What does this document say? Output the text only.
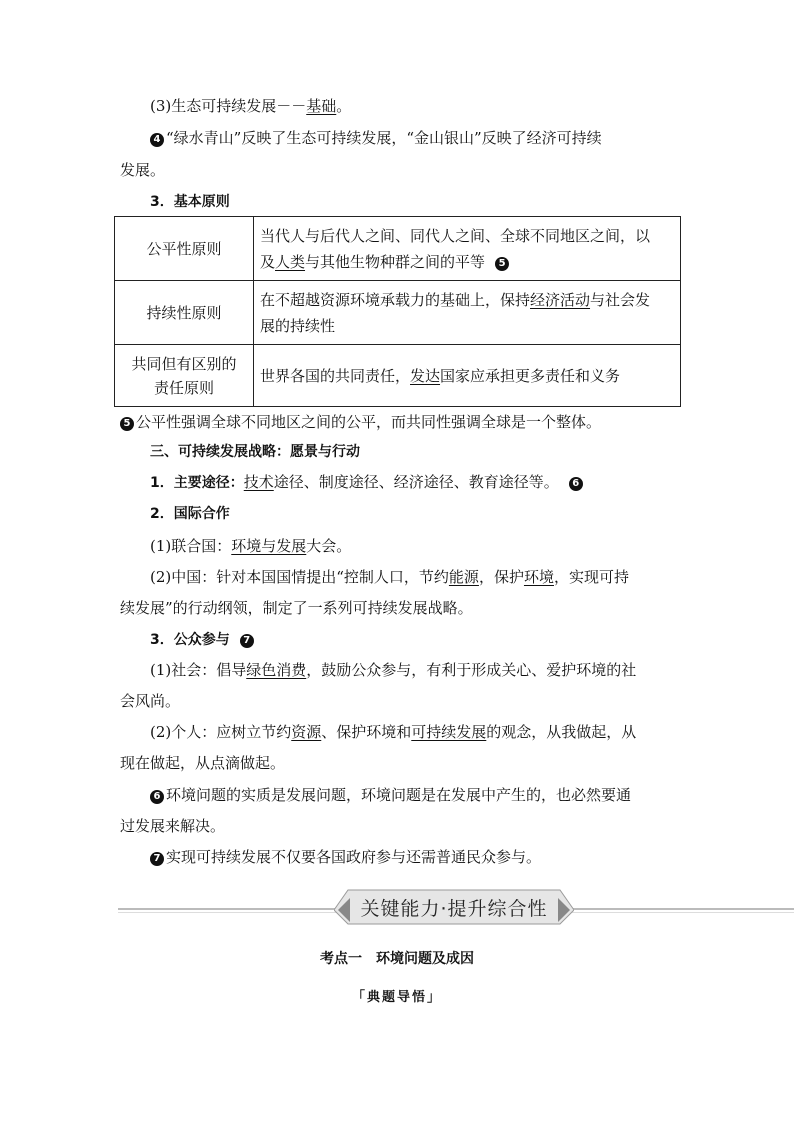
(3)生态可持续发展－－基础。
4 “绿水青山”反映了生态可持续发展，“金山银山”反映了经济可持续
发展。
3．基本原则
公平性原则	当代人与后代人之间、同代人之间、全球不同地区之间，以
及人类与其他生物种群之间的平等 5
持续性原则	在不超越资源环境承载力的基础上，保持经济活动与社会发
展的持续性
共同但有区别的
责任原则	世界各国的共同责任，发达国家应承担更多责任和义务
5 公平性强调全球不同地区之间的公平，而共同性强调全球是一个整体。
三、可持续发展战略：愿景与行动
1．主要途径：技术途径、制度途径、经济途径、教育途径等。 6
2．国际合作
(1)联合国：环境与发展大会。
(2)中国：针对本国国情提出“控制人口，节约能源，保护环境，实现可持
续发展”的行动纲领，制定了一系列可持续发展战略。
3．公众参与 7
(1)社会：倡导绿色消费，鼓励公众参与，有利于形成关心、爱护环境的社
会风尚。
(2)个人：应树立节约资源、保护环境和可持续发展的观念，从我做起，从
现在做起，从点滴做起。
6 环境问题的实质是发展问题，环境问题是在发展中产生的，也必然要通
过发展来解决。
7 实现可持续发展不仅要各国政府参与还需普通民众参与。
关键能力·提升综合性
考点一　环境问题及成因
「典题导悟」
